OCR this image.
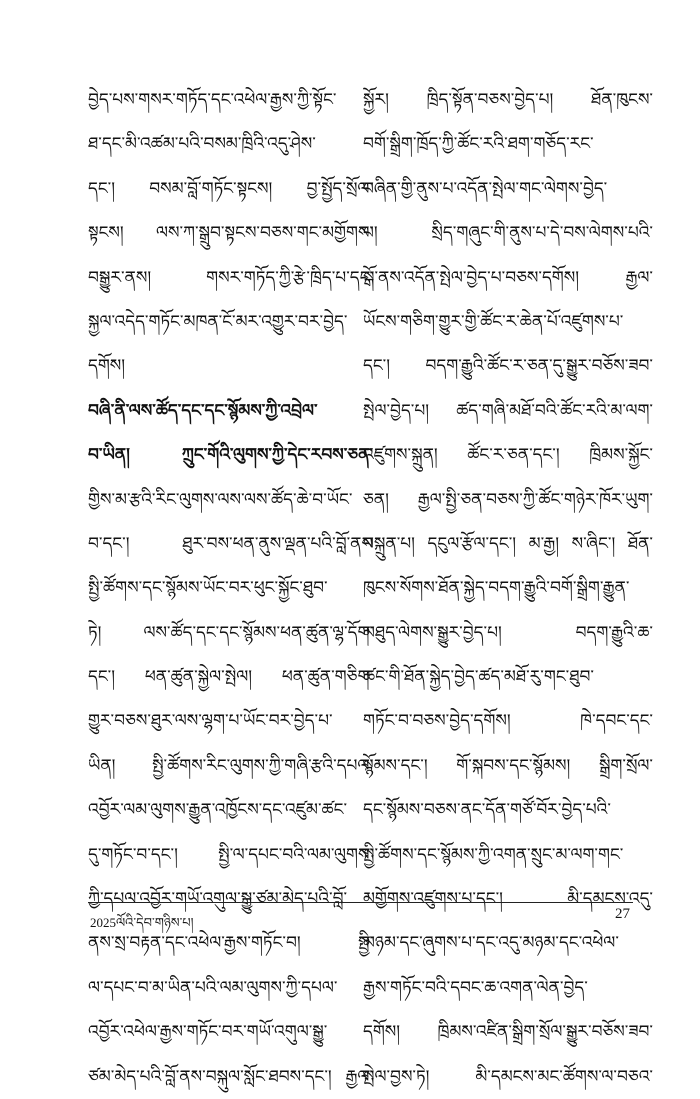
བྱེད་པས་གསར་གཏོད་དང་འཕེལ་རྒྱས་ཀྱི་སྟོང་
ཐ་དང་མི་འཚམ་པའི་བསམ་ཁྲིའི་འདུ་ཤེས་
དང་། བསམ་བློ་གཏོང་སྟངས། བྱ་སྤྱོད་སྲོལ་
སྟངས། ལས་ཀ་སྒྲུབ་སྟངས་བཅས་གང་མགྱོགས་
བསྒྱུར་ནས། གསར་གཏོད་ཀྱི་རྩེ་ཁྲིད་པ་དང་
སྐྱལ་འདེད་གཏོང་མཁན་ངོ་མར་འགྱུར་བར་བྱེད་
དགོས།
བཞི་ནི་ལས་ཚོད་དང་དང་སྙོམས་ཀྱི་འབྲེལ་
བ་ཡིན། ཀྲུང་གོའི་ལུགས་ཀྱི་དེང་རབས་ཅན་
གྱིས་མ་རྩའི་རིང་ལུགས་ལས་ལས་ཚོད་ཆེ་བ་ཡོང་
བ་དང་། ཐུར་བས་ཕན་ནུས་ལྡན་པའི་བློ་ནས
སྤྱི་ཚོགས་དང་སྙོམས་ཡོང་བར་ཕུང་སྐྱོང་ཐུབ་
ཏེ། ལས་ཚོད་དང་དང་སྙོམས་ཕན་ཚུན་ལྷ་དོག་
དང་། ཕན་ཚུན་སྐྱེལ་སྤེལ། ཕན་ཚུན་གཅིག་
གྱུར་བཅས་ཐུར་ལས་ལྷག་པ་ཡོང་བར་བྱེད་པ་
ཡིན། སྤྱི་ཚོགས་རིང་ལུགས་ཀྱི་གཞི་རྩའི་དཔལ་
འབྱོར་ལམ་ལུགས་རྒྱུན་འཁྱོངས་དང་འཛུམ་ཚང་
དུ་གཏོང་བ་དང་། སྤྱི་ལ་དཔང་བའི་ལམ་ལུགས་
ཀྱི་དཔལ་འབྱོར་གཡོ་འགུལ་སྒྱུ་ཙམ་མེད་པའི་བློ་
ནས་སྲ་བརྟན་དང་འཕེལ་རྒྱས་གཏོང་བ། སྤྱི་
ལ་དཔང་བ་མ་ཡིན་པའི་ལམ་ལུགས་ཀྱི་དཔལ་
འབྱོར་འཕེལ་རྒྱས་གཏོང་བར་གཡོ་འགུལ་སྒྱུ་
ཙམ་མེད་པའི་བློ་ནས་བསྐུལ་སློང་ཐབས་དང་། རྒྱལ་
སྐྱོར། ཁྲིད་སྟོན་བཅས་བྱེད་པ། ཐོན་ཁུངས་
བགོ་སྒྲིག་ཁྲོད་ཀྱི་ཚོང་རའི་ཐག་གཅོད་རང་
བཞིན་གྱི་ནུས་པ་འདོན་སྤེལ་གང་ལེགས་བྱེད་
པ། སྲིད་གཞུང་གི་ནུས་པ་དེ་བས་ལེགས་པའི་
སྒོ་ནས་འདོན་སྤེལ་བྱེད་པ་བཅས་དགོས། རྒྱལ་
ཡོངས་གཅིག་གྱུར་གྱི་ཚོང་ར་ཆེན་པོ་འཛུགས་པ་
དང་། བདག་རྒྱུའི་ཚོང་ར་ཅན་དུ་སྒྱུར་བཅོས་ཟབ་
སྤེལ་བྱེད་པ། ཚད་གཞི་མཐོ་བའི་ཚོང་རའི་མ་ལག་
འཛུགས་སྐྲུན། ཚོང་ར་ཅན་དང་། ཁྲིམས་སྐྱོང་
ཅན། རྒྱལ་སྤྱི་ཅན་བཅས་ཀྱི་ཚོང་གཉེར་ཁོར་ཡུག་
བསྐྲུན་པ། དངུལ་རྩོལ་དང་། མ་རྒྱ། ས་ཞིང་། ཐོན་
ཁུངས་སོགས་ཐོན་སྐྱེད་བདག་རྒྱུའི་བགོ་སྒྲིག་རྒྱུན་
མཐུད་ལེགས་སྒྱུར་བྱེད་པ། བདག་རྒྱུའི་ཆ་
ཚང་གི་ཐོན་སྐྱེད་བྱེད་ཚད་མཐོ་རུ་གང་ཐུབ་
གཏོང་བ་བཅས་བྱེད་དགོས། ཁེ་དབང་དང་
སྙོམས་དང་། གོ་སྐབས་དང་སྙོམས། སྒྲིག་སྲོལ་
དང་སྙོམས་བཅས་ནང་དོན་གཙོ་བོར་བྱེད་པའི་
སྤྱི་ཚོགས་དང་སྙོམས་ཀྱི་འགན་སྲུང་མ་ལག་གང་
མགྱོགས་འཛུགས་པ་དང་། མི་དམངས་འདུ་
མཉམ་དང་ཞུགས་པ་དང་འདུ་མཉམ་དང་འཕེལ་
རྒྱས་གཏོང་བའི་དབང་ཆ་འགན་ལེན་བྱེད་
དགོས། ཁྲིམས་འཛིན་སྒྲིག་སྲོལ་སྒྱུར་བཅོས་ཟབ་
སྤེལ་བྱས་ཏེ། མི་དམངས་མང་ཚོགས་ལ་བཅའ་
2025ལོའི་དེབ་གཉིས་པ།
27
